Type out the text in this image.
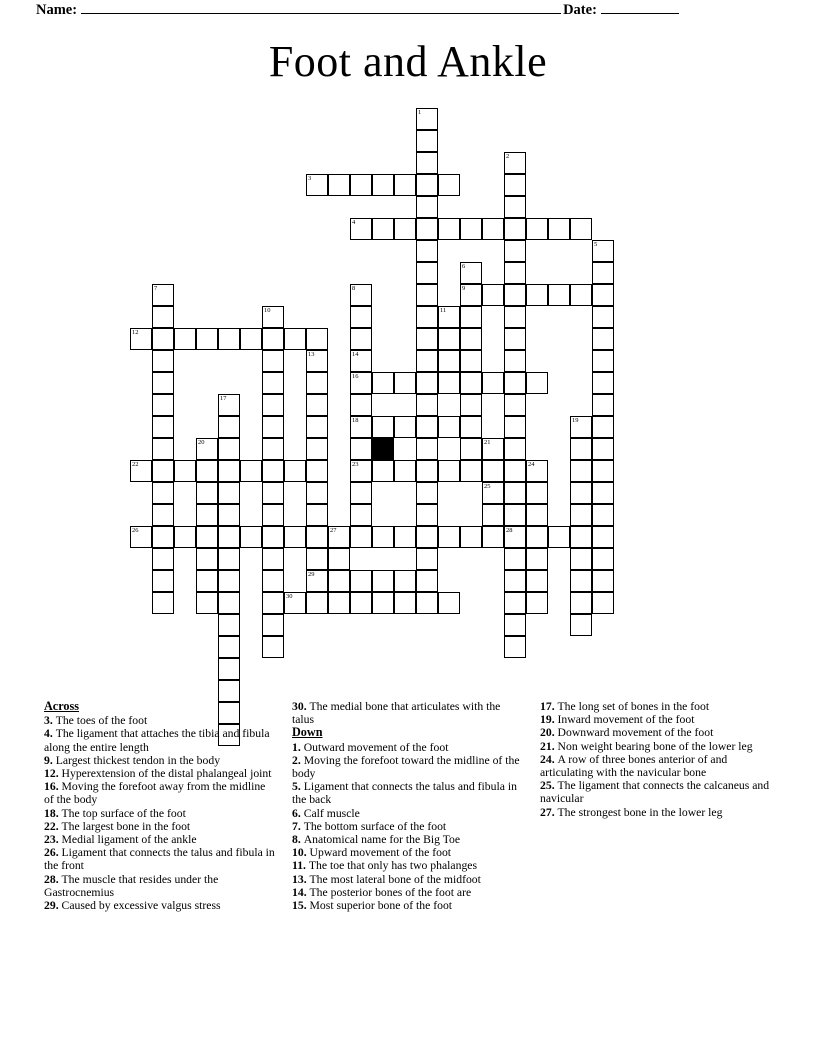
Name:	Date:
Foot and Ankle
1
2
3
4
5
6
7	8	9
10	11
12
13	14
16
17
18	19
20	21
22	23	24
25
26	27	28
29
30
Across
3. The toes of the foot
4. The ligament that attaches the tibia and fibula along the entire length
9. Largest thickest tendon in the body
12. Hyperextension of the distal phalangeal joint
16. Moving the forefoot away from the midline of the body
18. The top surface of the foot
22. The largest bone in the foot
23. Medial ligament of the ankle
26. Ligament that connects the talus and fibula in the front
28. The muscle that resides under the Gastrocnemius
29. Caused by excessive valgus stress
30. The medial bone that articulates with the talus
Down
1. Outward movement of the foot
2. Moving the forefoot toward the midline of the body
5. Ligament that connects the talus and fibula in the back
6. Calf muscle
7. The bottom surface of the foot
8. Anatomical name for the Big Toe
10. Upward movement of the foot
11. The toe that only has two phalanges
13. The most lateral bone of the midfoot
14. The posterior bones of the foot are
15. Most superior bone of the foot
17. The long set of bones in the foot
19. Inward movement of the foot
20. Downward movement of the foot
21. Non weight bearing bone of the lower leg
24. A row of three bones anterior of and articulating with the navicular bone
25. The ligament that connects the calcaneus and navicular
27. The strongest bone in the lower leg
